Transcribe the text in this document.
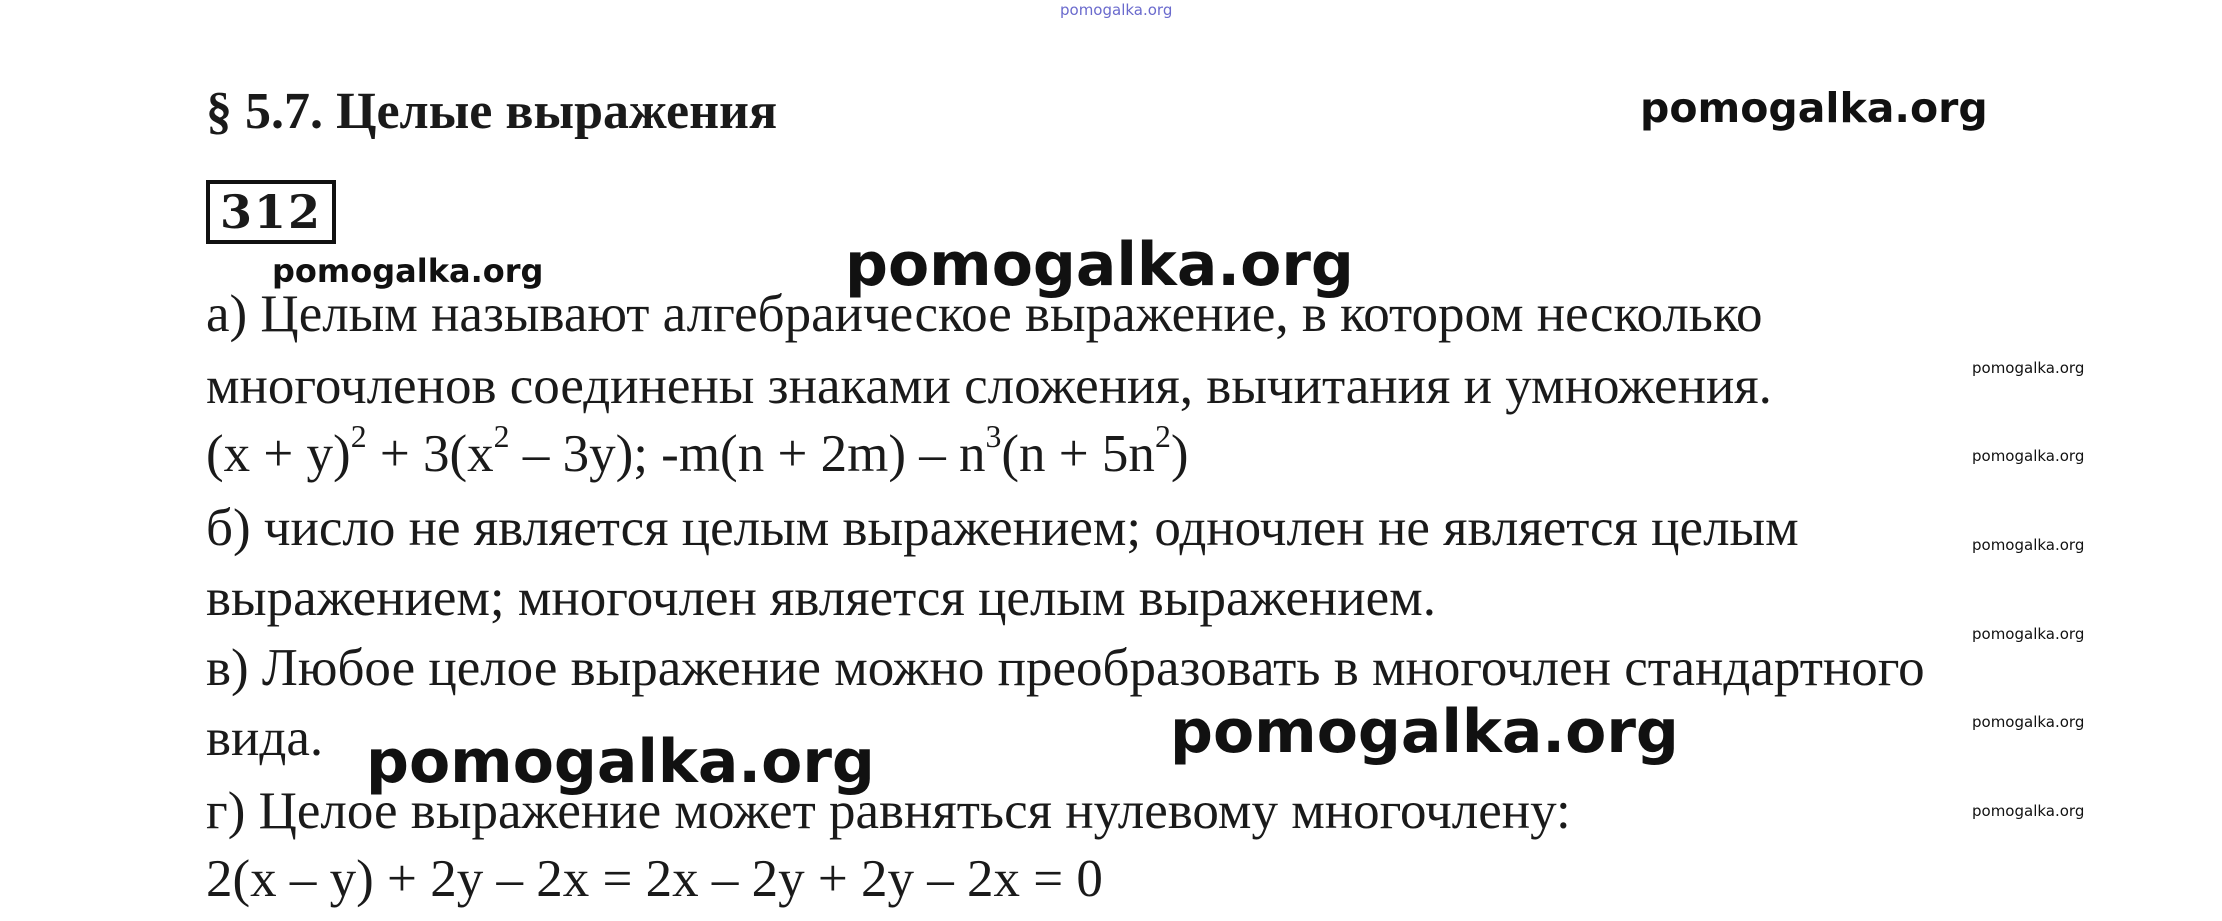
pomogalka.org
pomogalka.org
§ 5.7. Целые выражения
312
pomogalka.org	pomogalka.org
а) Целым называют алгебраическое выражение, в котором несколько
многочленов соединены знаками сложения, вычитания и умножения.
$(x + y)^2 + 3(x^2 - 3y)$; $-m(n + 2m) - n^3(n + 5n^2)$
б) число не является целым выражением; одночлен не является целым
выражением; многочлен является целым выражением.
в) Любое целое выражение можно преобразовать в многочлен стандартного
вида.
г) Целое выражение может равняться нулевому многочлену:
2(x – y) + 2y – 2x = 2x – 2y + 2y – 2x = 0
pomogalka.org	pomogalka.org
pomogalka.org
pomogalka.org
pomogalka.org
pomogalka.org
pomogalka.org
pomogalka.org
